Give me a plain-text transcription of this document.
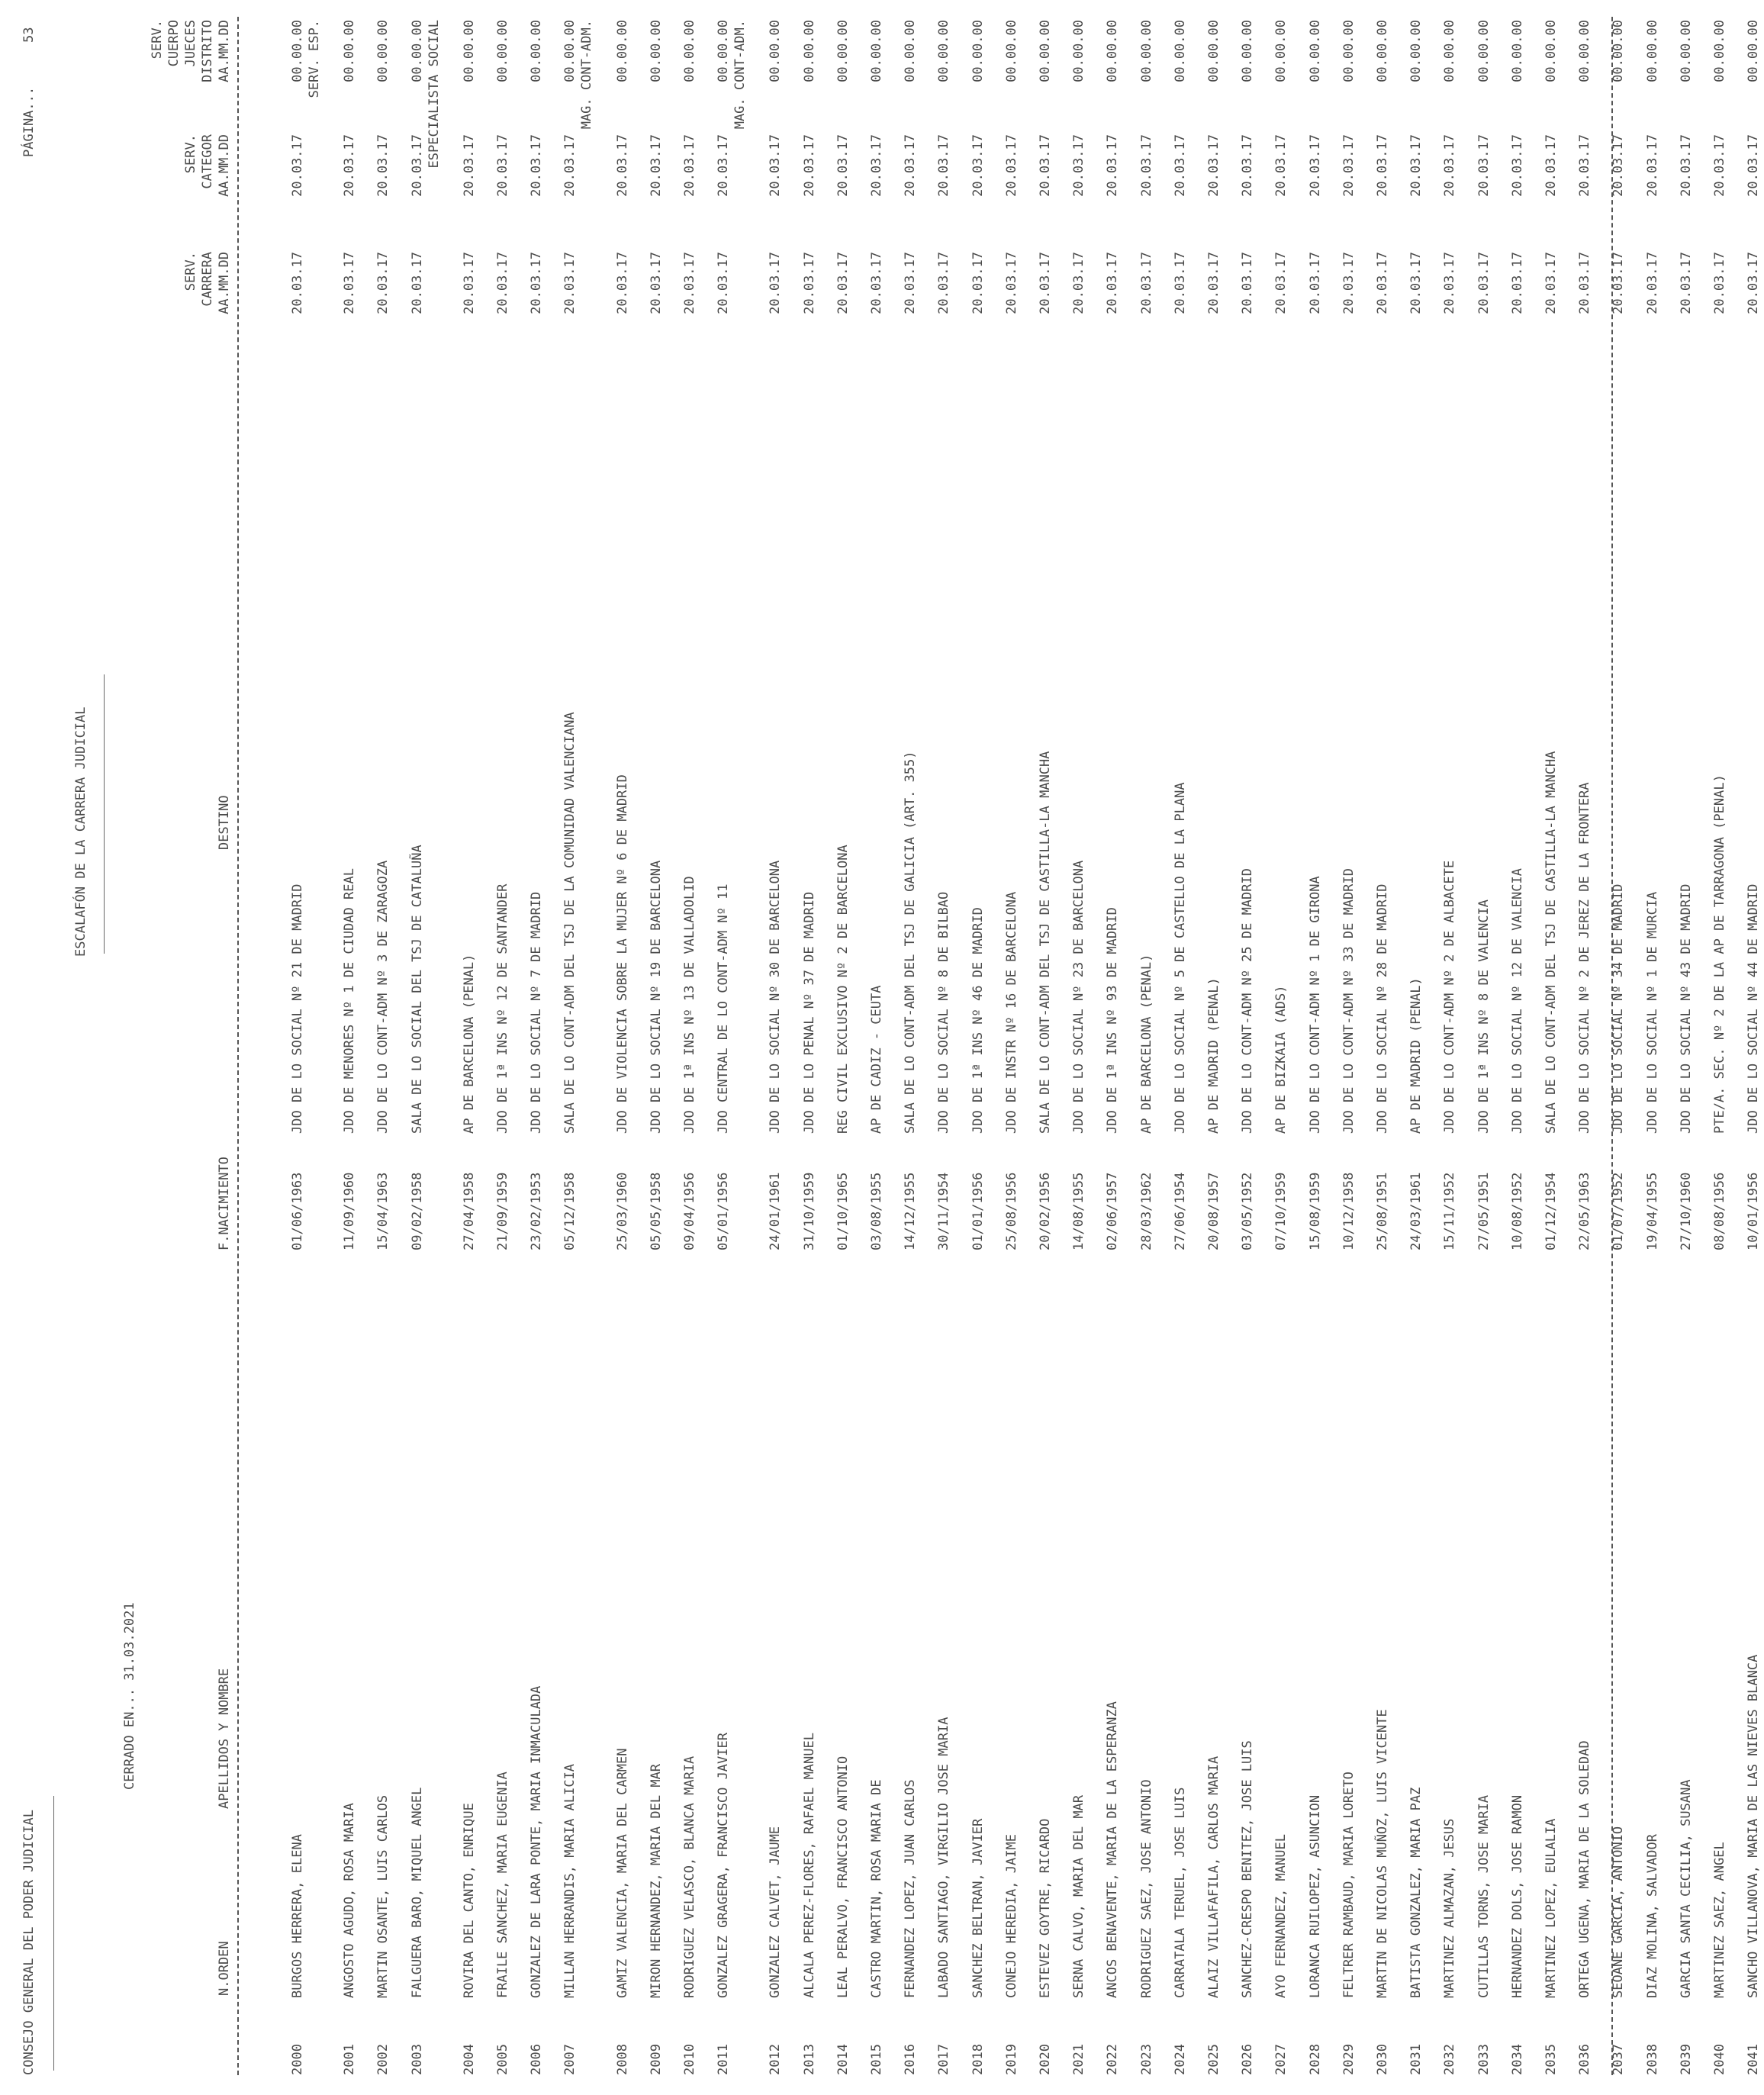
CONSEJO GENERAL DEL PODER JUDICIAL
PÁGINA...
53
ESCALAFÓN DE LA CARRERA JUDICIAL
CERRADO EN... 31.03.2021
N.ORDEN
APELLIDOS Y NOMBRE
F.NACIMIENTO
DESTINO
SERV. CARRERA AA.MM.DD
SERV. CATEGOR AA.MM.DD
SERV. CUERPO JUECES DISTRITO AA.MM.DD
2000
BURGOS HERRERA, ELENA
01/06/1963
JDO DE LO SOCIAL Nº 21 DE MADRID
20.03.17
20.03.17
00.00.00 SERV. ESP.
2001
ANGOSTO AGUDO, ROSA MARIA
11/09/1960
JDO DE MENORES Nº 1 DE CIUDAD REAL
20.03.17
20.03.17
00.00.00
2002
MARTIN OSANTE, LUIS CARLOS
15/04/1963
JDO DE LO CONT-ADM Nº 3 DE ZARAGOZA
20.03.17
20.03.17
00.00.00
2003
FALGUERA BARO, MIQUEL ANGEL
09/02/1958
SALA DE LO SOCIAL DEL TSJ DE CATALUÑA
20.03.17
20.03.17
00.00.00 ESPECIALISTA SOCIAL
2004
ROVIRA DEL CANTO, ENRIQUE
27/04/1958
AP DE BARCELONA (PENAL)
20.03.17
20.03.17
00.00.00
2005
FRAILE SANCHEZ, MARIA EUGENIA
21/09/1959
JDO DE 1ª INS Nº 12 DE SANTANDER
20.03.17
20.03.17
00.00.00
2006
GONZALEZ DE LARA PONTE, MARIA INMACULADA
23/02/1953
JDO DE LO SOCIAL Nº 7 DE MADRID
20.03.17
20.03.17
00.00.00
2007
MILLAN HERRANDIS, MARIA ALICIA
05/12/1958
SALA DE LO CONT-ADM DEL TSJ DE LA COMUNIDAD VALENCIANA
20.03.17
20.03.17
00.00.00 MAG. CONT-ADM.
2008
GAMIZ VALENCIA, MARIA DEL CARMEN
25/03/1960
JDO DE VIOLENCIA SOBRE LA MUJER Nº 6 DE MADRID
20.03.17
20.03.17
00.00.00
2009
MIRON HERNANDEZ, MARIA DEL MAR
05/05/1958
JDO DE LO SOCIAL Nº 19 DE BARCELONA
20.03.17
20.03.17
00.00.00
2010
RODRIGUEZ VELASCO, BLANCA MARIA
09/04/1956
JDO DE 1ª INS Nº 13 DE VALLADOLID
20.03.17
20.03.17
00.00.00
2011
GONZALEZ GRAGERA, FRANCISCO JAVIER
05/01/1956
JDO CENTRAL DE LO CONT-ADM Nº 11
20.03.17
20.03.17
00.00.00 MAG. CONT-ADM.
2012
GONZALEZ CALVET, JAUME
24/01/1961
JDO DE LO SOCIAL Nº 30 DE BARCELONA
20.03.17
20.03.17
00.00.00
2013
ALCALA PEREZ-FLORES, RAFAEL MANUEL
31/10/1959
JDO DE LO PENAL Nº 37 DE MADRID
20.03.17
20.03.17
00.00.00
2014
LEAL PERALVO, FRANCISCO ANTONIO
01/10/1965
REG CIVIL EXCLUSIVO Nº 2 DE BARCELONA
20.03.17
20.03.17
00.00.00
2015
CASTRO MARTIN, ROSA MARIA DE
03/08/1955
AP DE CADIZ - CEUTA
20.03.17
20.03.17
00.00.00
2016
FERNANDEZ LOPEZ, JUAN CARLOS
14/12/1955
SALA DE LO CONT-ADM DEL TSJ DE GALICIA (ART. 355)
20.03.17
20.03.17
00.00.00
2017
LABADO SANTIAGO, VIRGILIO JOSE MARIA
30/11/1954
JDO DE LO SOCIAL Nº 8 DE BILBAO
20.03.17
20.03.17
00.00.00
2018
SANCHEZ BELTRAN, JAVIER
01/01/1956
JDO DE 1ª INS Nº 46 DE MADRID
20.03.17
20.03.17
00.00.00
2019
CONEJO HEREDIA, JAIME
25/08/1956
JDO DE INSTR Nº 16 DE BARCELONA
20.03.17
20.03.17
00.00.00
2020
ESTEVEZ GOYTRE, RICARDO
20/02/1956
SALA DE LO CONT-ADM DEL TSJ DE CASTILLA-LA MANCHA
20.03.17
20.03.17
00.00.00
2021
SERNA CALVO, MARIA DEL MAR
14/08/1955
JDO DE LO SOCIAL Nº 23 DE BARCELONA
20.03.17
20.03.17
00.00.00
2022
ANCOS BENAVENTE, MARIA DE LA ESPERANZA
02/06/1957
JDO DE 1ª INS Nº 93 DE MADRID
20.03.17
20.03.17
00.00.00
2023
RODRIGUEZ SAEZ, JOSE ANTONIO
28/03/1962
AP DE BARCELONA (PENAL)
20.03.17
20.03.17
00.00.00
2024
CARRATALA TERUEL, JOSE LUIS
27/06/1954
JDO DE LO SOCIAL Nº 5 DE CASTELLO DE LA PLANA
20.03.17
20.03.17
00.00.00
2025
ALAIZ VILLAFAFILA, CARLOS MARIA
20/08/1957
AP DE MADRID (PENAL)
20.03.17
20.03.17
00.00.00
2026
SANCHEZ-CRESPO BENITEZ, JOSE LUIS
03/05/1952
JDO DE LO CONT-ADM Nº 25 DE MADRID
20.03.17
20.03.17
00.00.00
2027
AYO FERNANDEZ, MANUEL
07/10/1959
AP DE BIZKAIA (ADS)
20.03.17
20.03.17
00.00.00
2028
LORANCA RUILOPEZ, ASUNCION
15/08/1959
JDO DE LO CONT-ADM Nº 1 DE GIRONA
20.03.17
20.03.17
00.00.00
2029
FELTRER RAMBAUD, MARIA LORETO
10/12/1958
JDO DE LO CONT-ADM Nº 33 DE MADRID
20.03.17
20.03.17
00.00.00
2030
MARTIN DE NICOLAS MUÑOZ, LUIS VICENTE
25/08/1951
JDO DE LO SOCIAL Nº 28 DE MADRID
20.03.17
20.03.17
00.00.00
2031
BATISTA GONZALEZ, MARIA PAZ
24/03/1961
AP DE MADRID (PENAL)
20.03.17
20.03.17
00.00.00
2032
MARTINEZ ALMAZAN, JESUS
15/11/1952
JDO DE LO CONT-ADM Nº 2 DE ALBACETE
20.03.17
20.03.17
00.00.00
2033
CUTILLAS TORNS, JOSE MARIA
27/05/1951
JDO DE 1ª INS Nº 8 DE VALENCIA
20.03.17
20.03.17
00.00.00
2034
HERNANDEZ DOLS, JOSE RAMON
10/08/1952
JDO DE LO SOCIAL Nº 12 DE VALENCIA
20.03.17
20.03.17
00.00.00
2035
MARTINEZ LOPEZ, EULALIA
01/12/1954
SALA DE LO CONT-ADM DEL TSJ DE CASTILLA-LA MANCHA
20.03.17
20.03.17
00.00.00
2036
ORTEGA UGENA, MARIA DE LA SOLEDAD
22/05/1963
JDO DE LO SOCIAL Nº 2 DE JEREZ DE LA FRONTERA
20.03.17
20.03.17
00.00.00
2037
SEOANE GARCIA, ANTONIO
01/07/1952
JDO DE LO SOCIAL Nº 34 DE MADRID
20.03.17
20.03.17
00.00.00
2038
DIAZ MOLINA, SALVADOR
19/04/1955
JDO DE LO SOCIAL Nº 1 DE MURCIA
20.03.17
20.03.17
00.00.00
2039
GARCIA SANTA CECILIA, SUSANA
27/10/1960
JDO DE LO SOCIAL Nº 43 DE MADRID
20.03.17
20.03.17
00.00.00
2040
MARTINEZ SAEZ, ANGEL
08/08/1956
PTE/A. SEC. Nº 2 DE LA AP DE TARRAGONA (PENAL)
20.03.17
20.03.17
00.00.00
2041
SANCHO VILLANOVA, MARIA DE LAS NIEVES BLANCA
10/01/1956
JDO DE LO SOCIAL Nº 44 DE MADRID
20.03.17
20.03.17
00.00.00
